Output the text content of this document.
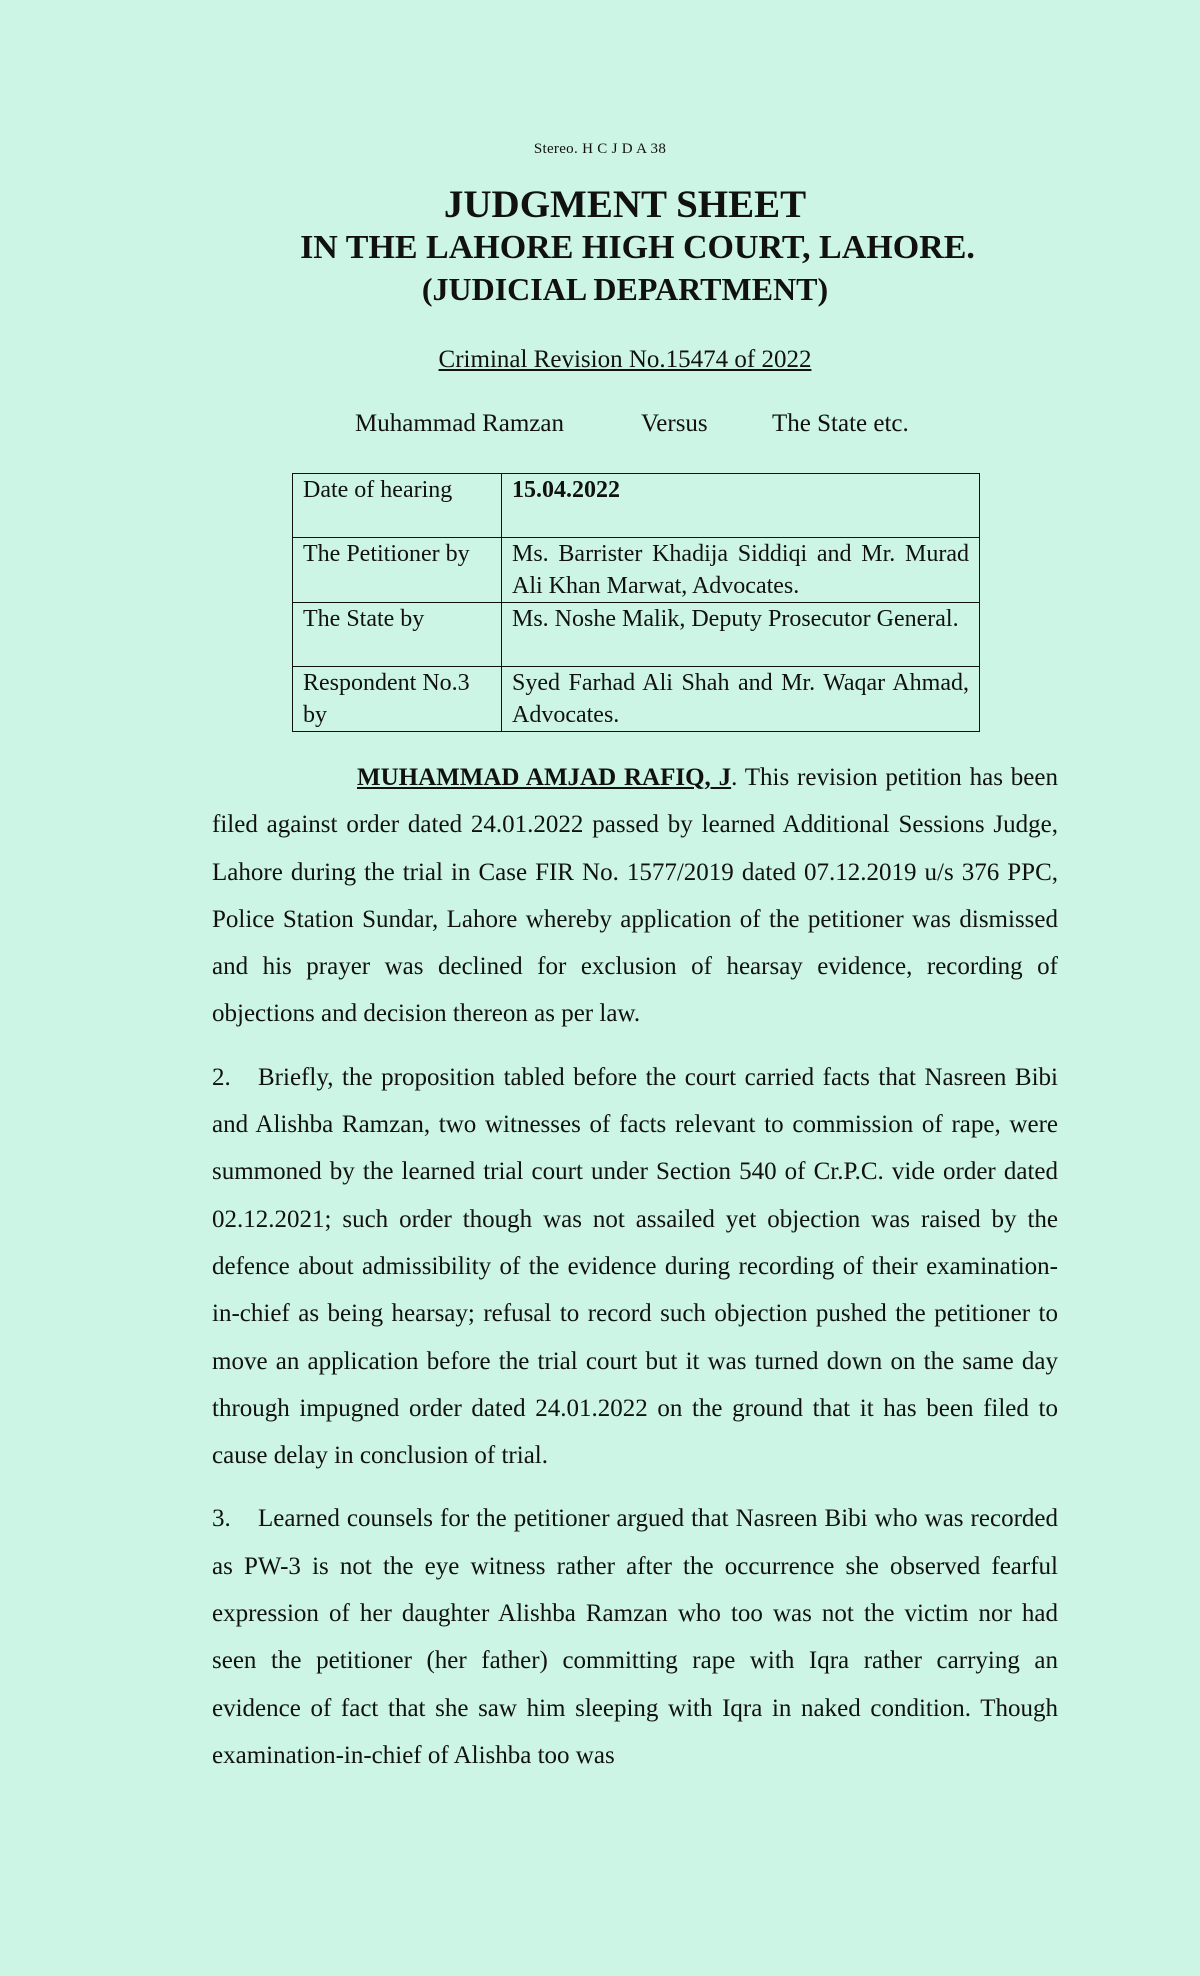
Stereo. H C J D A 38
JUDGMENT SHEET
IN THE LAHORE HIGH COURT, LAHORE.
(JUDICIAL DEPARTMENT)
Criminal Revision No.15474 of 2022
Muhammad Ramzan	Versus	The State etc.
Date of hearing	15.04.2022
The Petitioner by	Ms. Barrister Khadija Siddiqi and Mr. Murad Ali Khan Marwat, Advocates.
The State by	Ms. Noshe Malik, Deputy Prosecutor General.
Respondent No.3 by	Syed Farhad Ali Shah and Mr. Waqar Ahmad, Advocates.

MUHAMMAD AMJAD RAFIQ, J. This revision petition has been filed against order dated 24.01.2022 passed by learned Additional Sessions Judge, Lahore during the trial in Case FIR No. 1577/2019 dated 07.12.2019 u/s 376 PPC, Police Station Sundar, Lahore whereby application of the petitioner was dismissed and his prayer was declined for exclusion of hearsay evidence, recording of objections and decision thereon as per law.

2. Briefly, the proposition tabled before the court carried facts that Nasreen Bibi and Alishba Ramzan, two witnesses of facts relevant to commission of rape, were summoned by the learned trial court under Section 540 of Cr.P.C. vide order dated 02.12.2021; such order though was not assailed yet objection was raised by the defence about admissibility of the evidence during recording of their examination-in-chief as being hearsay; refusal to record such objection pushed the petitioner to move an application before the trial court but it was turned down on the same day through impugned order dated 24.01.2022 on the ground that it has been filed to cause delay in conclusion of trial.

3. Learned counsels for the petitioner argued that Nasreen Bibi who was recorded as PW-3 is not the eye witness rather after the occurrence she observed fearful expression of her daughter Alishba Ramzan who too was not the victim nor had seen the petitioner (her father) committing rape with Iqra rather carrying an evidence of fact that she saw him sleeping with Iqra in naked condition. Though examination-in-chief of Alishba too was
